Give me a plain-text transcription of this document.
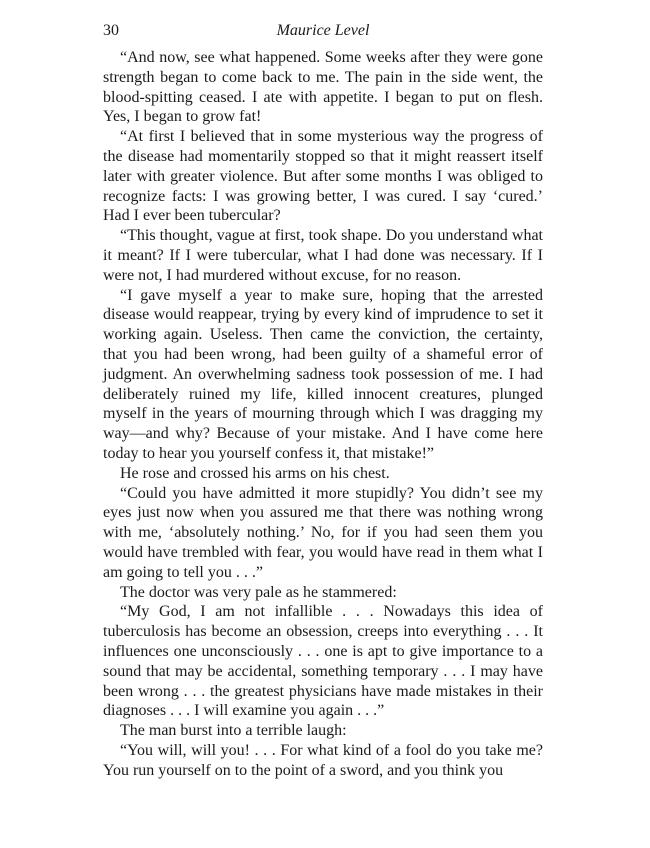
30	Maurice Level

“And now, see what happened. Some weeks after they were gone strength began to come back to me. The pain in the side went, the blood-spitting ceased. I ate with appetite. I began to put on flesh. Yes, I began to grow fat!

“At first I believed that in some mysterious way the progress of the disease had momentarily stopped so that it might reassert itself later with greater violence. But after some months I was obliged to recognize facts: I was growing better, I was cured. I say ‘cured.’ Had I ever been tubercular?

“This thought, vague at first, took shape. Do you understand what it meant? If I were tubercular, what I had done was necessary. If I were not, I had murdered without excuse, for no reason.

“I gave myself a year to make sure, hoping that the arrested disease would reappear, trying by every kind of imprudence to set it working again. Useless. Then came the conviction, the certainty, that you had been wrong, had been guilty of a shameful error of judgment. An overwhelming sadness took possession of me. I had deliberately ruined my life, killed innocent creatures, plunged myself in the years of mourning through which I was dragging my way—and why? Because of your mistake. And I have come here today to hear you yourself confess it, that mistake!”

He rose and crossed his arms on his chest.

“Could you have admitted it more stupidly? You didn’t see my eyes just now when you assured me that there was nothing wrong with me, ‘absolutely nothing.’ No, for if you had seen them you would have trembled with fear, you would have read in them what I am going to tell you . . .”

The doctor was very pale as he stammered:

“My God, I am not infallible . . . Nowadays this idea of tuberculosis has become an obsession, creeps into everything . . . It influences one unconsciously . . . one is apt to give importance to a sound that may be accidental, something temporary . . . I may have been wrong . . . the greatest physicians have made mistakes in their diagnoses . . . I will examine you again . . .”

The man burst into a terrible laugh:

“You will, will you! . . . For what kind of a fool do you take me? You run yourself on to the point of a sword, and you think you
